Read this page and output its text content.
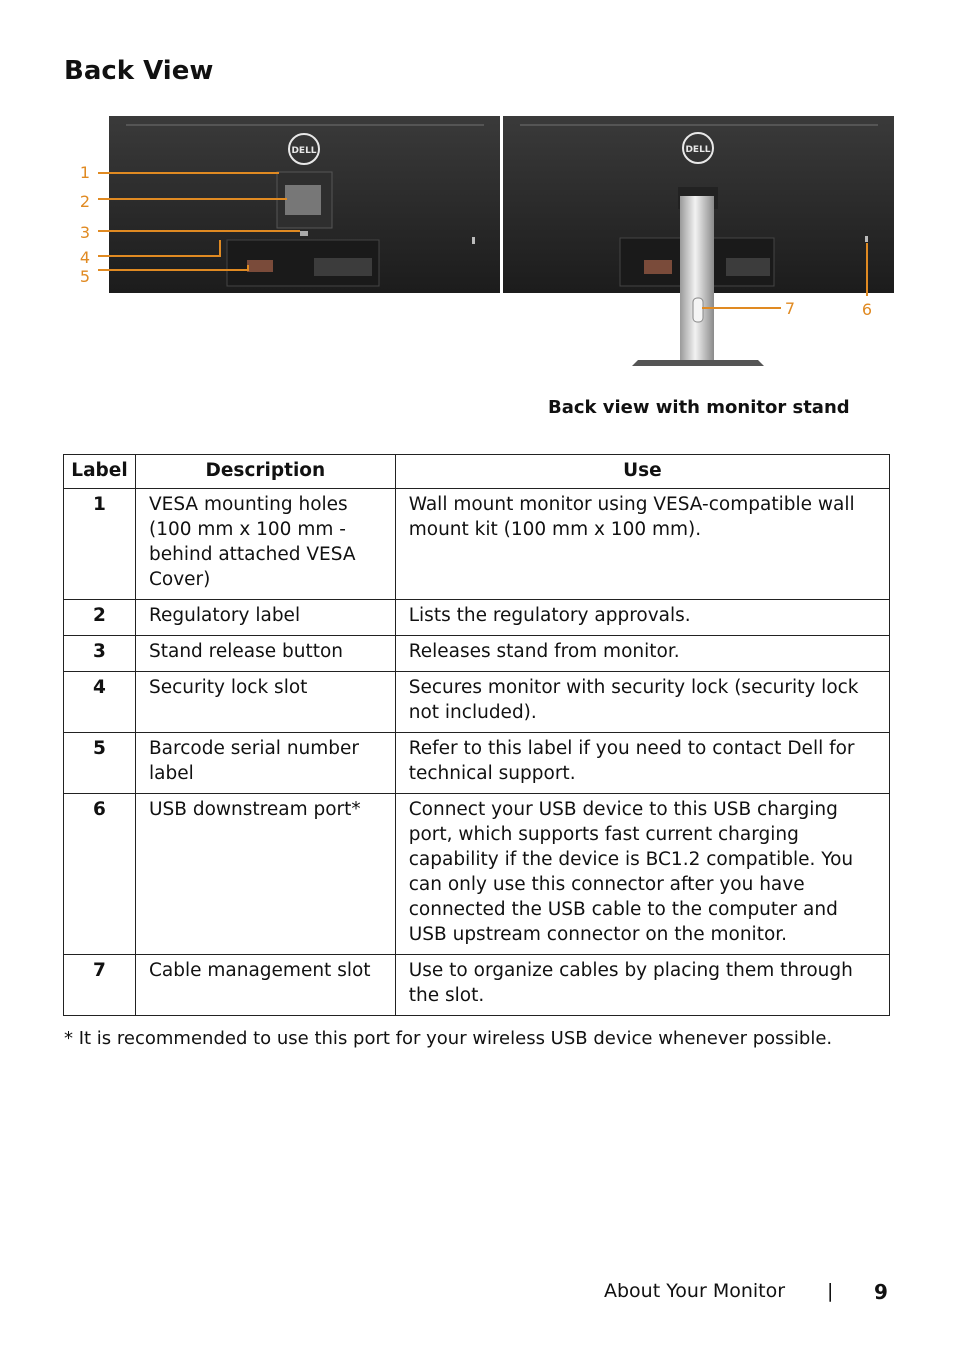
Back View
DELL	DELL
1
2
3
4
5
7	6
Back view with monitor stand
Label	Description	Use
1	VESA mounting holes (100 mm x 100 mm - behind attached VESA Cover)	Wall mount monitor using VESA-compatible wall mount kit (100 mm x 100 mm).
2	Regulatory label	Lists the regulatory approvals.
3	Stand release button	Releases stand from monitor.
4	Security lock slot	Secures monitor with security lock (security lock not included).
5	Barcode serial number label	Refer to this label if you need to contact Dell for technical support.
6	USB downstream port*	Connect your USB device to this USB charging port, which supports fast current charging capability if the device is BC1.2 compatible. You can only use this connector after you have connected the USB cable to the computer and USB upstream connector on the monitor.
7	Cable management slot	Use to organize cables by placing them through the slot.
* It is recommended to use this port for your wireless USB device whenever possible.
About Your Monitor | 9
